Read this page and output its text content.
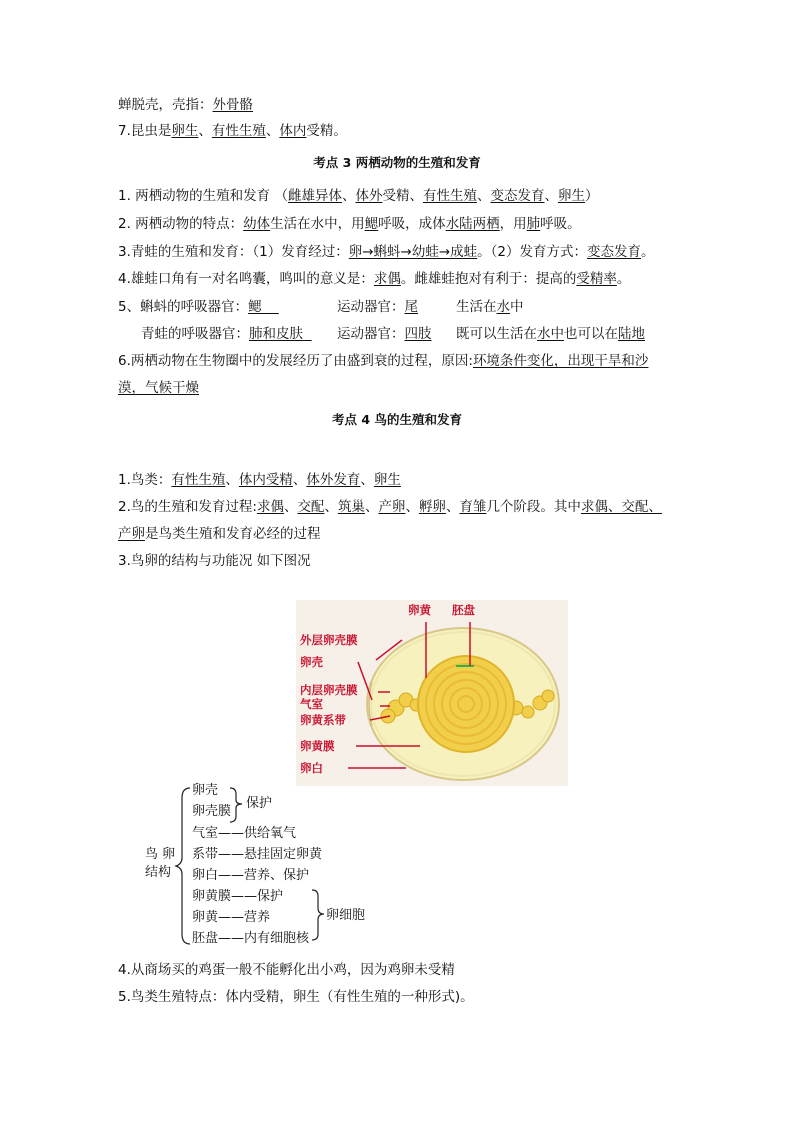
蝉脱壳，壳指：外骨骼
7.昆虫是卵生、有性生殖、体内受精。
考点 3 两栖动物的生殖和发育
1. 两栖动物的生殖和发育 （雌雄异体、体外受精、有性生殖、变态发育、卵生）
2. 两栖动物的特点：幼体生活在水中，用鳃呼吸，成体水陆两栖，用肺呼吸。
3.青蛙的生殖和发育：（1）发育经过：卵→蝌蚪→幼蛙→成蛙。（2）发育方式：变态发育。
4.雄蛙口角有一对名鸣囊，鸣叫的意义是：求偶。雌雄蛙抱对有利于：提高的受精率。
5、蝌蚪的呼吸器官：鳃	运动器官：尾	生活在水中
青蛙的呼吸器官：肺和皮肤 运动器官：四肢 既可以生活在水中也可以在陆地
6.两栖动物在生物圈中的发展经历了由盛到衰的过程，原因:环境条件变化，出现干旱和沙
漠，气候干燥
考点 4 鸟的生殖和发育
1.鸟类：有性生殖、体内受精、体外发育、卵生
2.鸟的生殖和发育过程:求偶、交配、筑巢、产卵、孵卵、育雏几个阶段。其中求偶、交配、
产卵是鸟类生殖和发育必经的过程
3.鸟卵的结构与功能况 如下图况
卵黄 胚盘
外层卵壳膜
卵壳
内层卵壳膜
气室
卵黄系带
卵黄膜
卵白
鸟 卵
结构
卵壳
卵壳膜
保护
气室——供给氧气
系带——悬挂固定卵黄
卵白——营养、保护
卵黄膜——保护
卵黄——营养
胚盘——内有细胞核
卵细胞
4.从商场买的鸡蛋一般不能孵化出小鸡，因为鸡卵未受精
5.鸟类生殖特点：体内受精，卵生（有性生殖的一种形式)。
